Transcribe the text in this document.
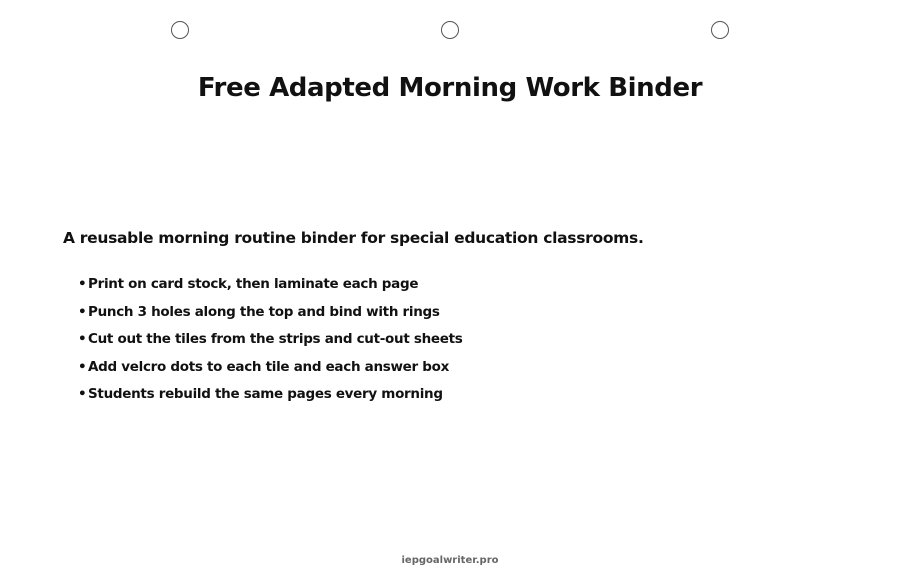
Free Adapted Morning Work Binder

A reusable morning routine binder for special education classrooms.

• Print on card stock, then laminate each page
• Punch 3 holes along the top and bind with rings
• Cut out the tiles from the strips and cut-out sheets
• Add velcro dots to each tile and each answer box
• Students rebuild the same pages every morning

iepgoalwriter.pro
